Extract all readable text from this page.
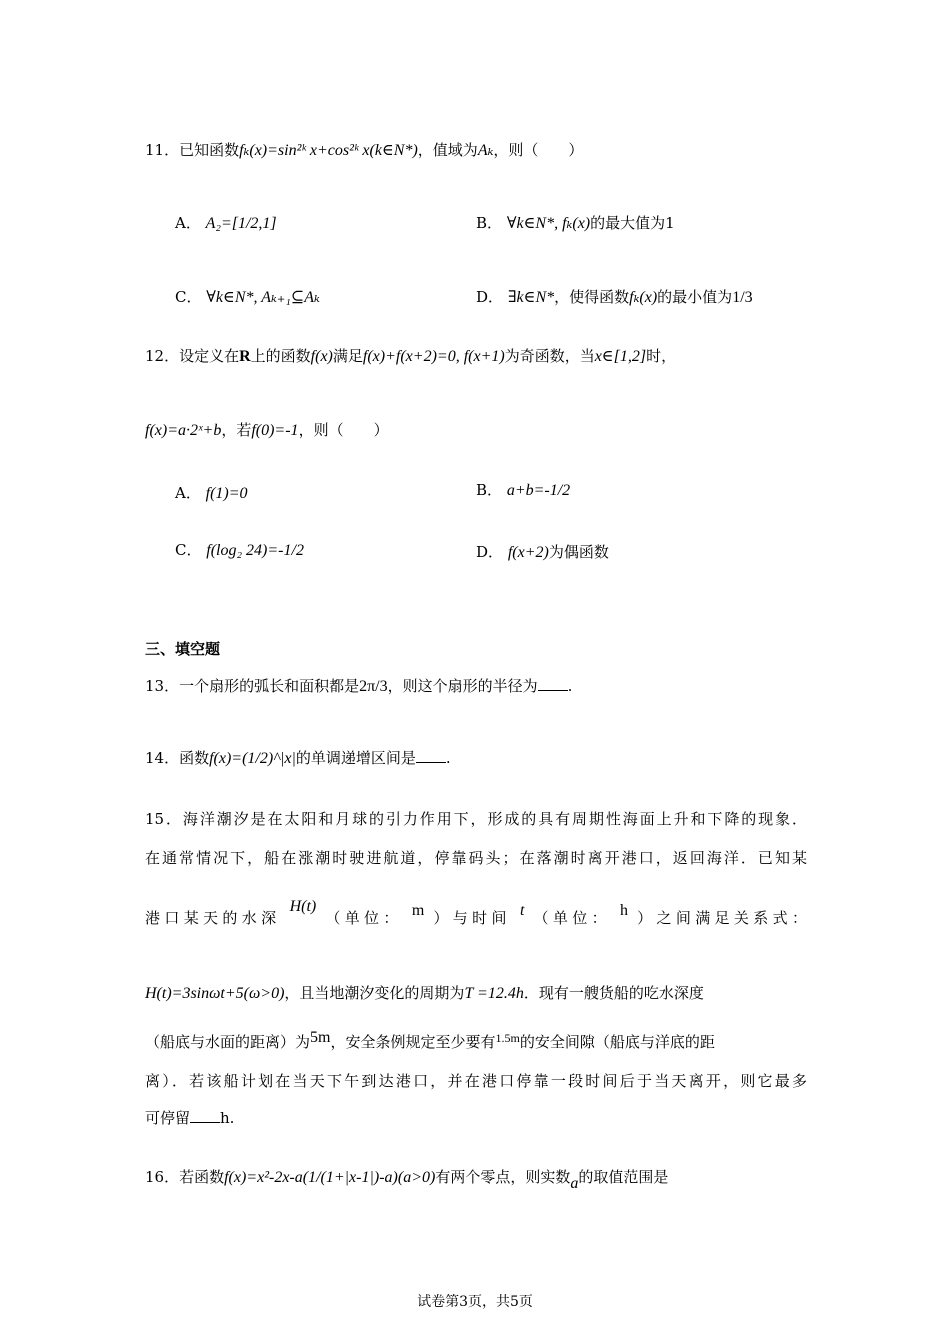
11．已知函数fₖ(x)=sin²ᵏ x+cos²ᵏ x(k∈N*)，值域为Aₖ，则（　　）
A． A₂=[1/2,1]	B． ∀k∈N*, fₖ(x)的最大值为1
C． ∀k∈N*, Aₖ₊₁⊆Aₖ	D． ∃k∈N*，使得函数fₖ(x)的最小值为1/3
12．设定义在R上的函数f(x)满足f(x)+f(x+2)=0, f(x+1)为奇函数，当x∈[1,2]时，
f(x)=a·2ˣ+b，若f(0)=-1，则（　　）
A． f(1)=0	B． a+b=-1/2
C． f(log₂ 24)=-1/2	D． f(x+2)为偶函数
三、填空题
13．一个扇形的弧长和面积都是2π/3，则这个扇形的半径为 .
14．函数f(x)=(1/2)^|x|的单调递增区间是 .
15．海洋潮汐是在太阳和月球的引力作用下，形成的具有周期性海面上升和下降的现象．
在通常情况下，船在涨潮时驶进航道，停靠码头；在落潮时离开港口，返回海洋．已知某
港口某天的水深 H(t) （单位： m ）与时间 t （单位： h ）之间满足关系式：
H(t)=3sinωt+5(ω>0)，且当地潮汐变化的周期为T =12.4h．现有一艘货船的吃水深度
（船底与水面的距离）为5m，安全条例规定至少要有$^{1.5m}$的安全间隙（船底与洋底的距
离）．若该船计划在当天下午到达港口，并在港口停靠一段时间后于当天离开，则它最多
可停留 h.
16．若函数f(x)=x²-2x-a(1/(1+|x-1|)-a)(a>0)有两个零点，则实数a的取值范围是
试卷第3页，共5页
